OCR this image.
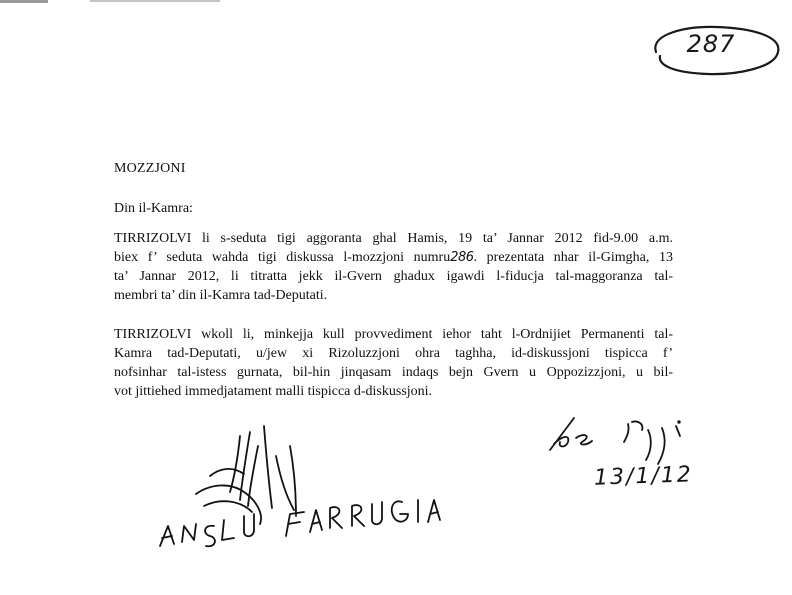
287
MOZZJONI
Din il-Kamra:
TIRRIZOLVI li s-seduta tigi aggoranta ghal Hamis, 19 ta’ Jannar 2012 fid-9.00 a.m.
biex f’ seduta wahda tigi diskussa l-mozzjoni numru286. prezentata nhar il-Gimgha, 13
ta’ Jannar 2012, li titratta jekk il-Gvern ghadux igawdi l-fiducja tal-maggoranza tal-
membri ta’ din il-Kamra tad-Deputati.
TIRRIZOLVI wkoll li, minkejja kull provvediment iehor taht l-Ordnijiet Permanenti tal-
Kamra tad-Deputati, u/jew xi Rizoluzzjoni ohra taghha, id-diskussjoni tispicca f’
nofsinhar tal-istess gurnata, bil-hin jinqasam indaqs bejn Gvern u Oppozizzjoni, u bil-
vot jittiehed immedjatament malli tispicca d-diskussjoni.
13/1/12
